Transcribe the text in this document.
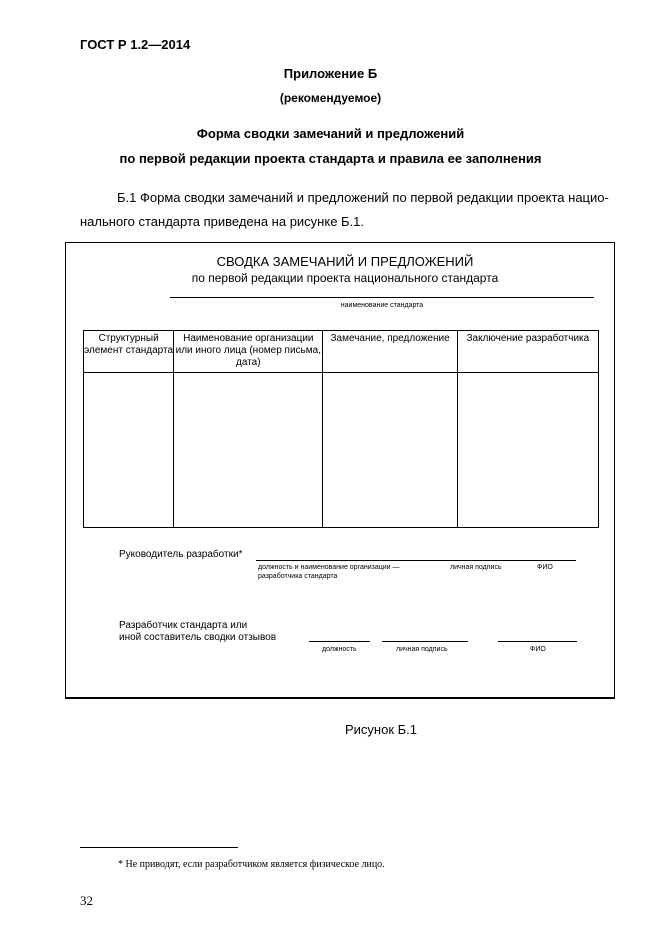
ГОСТ Р 1.2—2014
Приложение Б
(рекомендуемое)
Форма сводки замечаний и предложений
по первой редакции проекта стандарта и правила ее заполнения
Б.1 Форма сводки замечаний и предложений по первой редакции проекта нацио-
нального стандарта приведена на рисунке Б.1.
СВОДКА ЗАМЕЧАНИЙ И ПРЕДЛОЖЕНИЙ
по первой редакции проекта национального стандарта
наименование стандарта
Структурный элемент стандарта	Наименование организации или иного лица (номер письма, дата)	Замечание, предложение	Заключение разработчика

Руководитель разработки*
должность и наименование организации —
разработчика стандарта
личная подпись	ФИО
Разработчик стандарта или
иной составитель сводки отзывов
должность	личная подпись	ФИО
Рисунок Б.1
* Не приводят, если разработчиком является физическое лицо.
32
